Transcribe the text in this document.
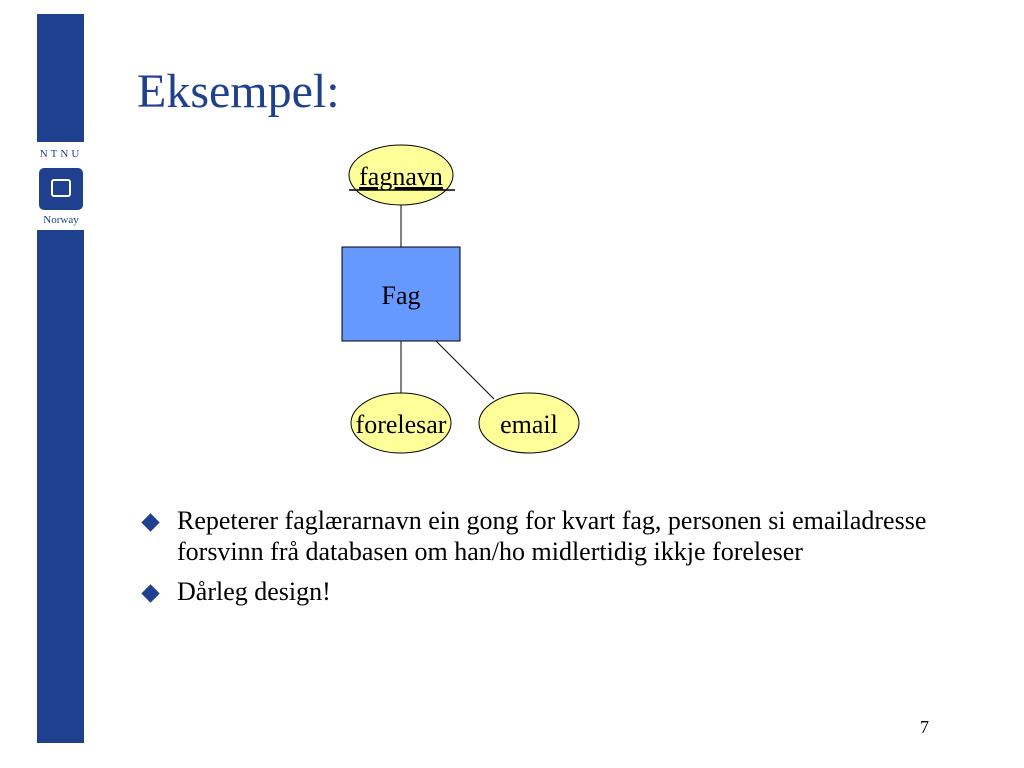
NTNU
Norway
Eksempel:
fagnavn
Fag
forelesar email
Repeterer faglærarnavn ein gong for kvart fag, personen si emailadresse forsvinn frå databasen om han/ho midlertidig ikkje foreleser
Dårleg design!
7
